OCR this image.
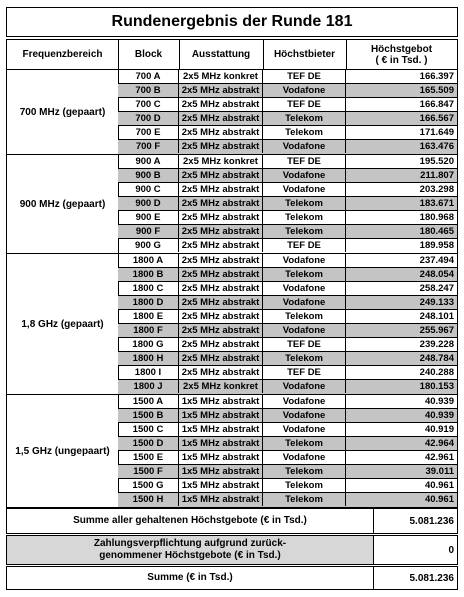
Rundenergebnis der Runde 181
Frequenzbereich	Block	Ausstattung	Höchstbieter	Höchstgebot
( € in Tsd. )
700 MHz (gepaart)
700 A	2x5 MHz konkret	TEF DE	166.397
700 B	2x5 MHz abstrakt	Vodafone	165.509
700 C	2x5 MHz abstrakt	TEF DE	166.847
700 D	2x5 MHz abstrakt	Telekom	166.567
700 E	2x5 MHz abstrakt	Telekom	171.649
700 F	2x5 MHz abstrakt	Vodafone	163.476
900 MHz (gepaart)
900 A	2x5 MHz konkret	TEF DE	195.520
900 B	2x5 MHz abstrakt	Vodafone	211.807
900 C	2x5 MHz abstrakt	Vodafone	203.298
900 D	2x5 MHz abstrakt	Telekom	183.671
900 E	2x5 MHz abstrakt	Telekom	180.968
900 F	2x5 MHz abstrakt	Telekom	180.465
900 G	2x5 MHz abstrakt	TEF DE	189.958
1,8 GHz (gepaart)
1800 A	2x5 MHz abstrakt	Vodafone	237.494
1800 B	2x5 MHz abstrakt	Telekom	248.054
1800 C	2x5 MHz abstrakt	Vodafone	258.247
1800 D	2x5 MHz abstrakt	Vodafone	249.133
1800 E	2x5 MHz abstrakt	Telekom	248.101
1800 F	2x5 MHz abstrakt	Vodafone	255.967
1800 G	2x5 MHz abstrakt	TEF DE	239.228
1800 H	2x5 MHz abstrakt	Telekom	248.784
1800 I	2x5 MHz abstrakt	TEF DE	240.288
1800 J	2x5 MHz konkret	Vodafone	180.153
1,5 GHz (ungepaart)
1500 A	1x5 MHz abstrakt	Vodafone	40.939
1500 B	1x5 MHz abstrakt	Vodafone	40.939
1500 C	1x5 MHz abstrakt	Vodafone	40.919
1500 D	1x5 MHz abstrakt	Telekom	42.964
1500 E	1x5 MHz abstrakt	Vodafone	42.961
1500 F	1x5 MHz abstrakt	Telekom	39.011
1500 G	1x5 MHz abstrakt	Telekom	40.961
1500 H	1x5 MHz abstrakt	Telekom	40.961
Summe aller gehaltenen Höchstgebote (€ in Tsd.)	5.081.236
Zahlungsverpflichtung aufgrund zurück-
genommener Höchstgebote (€ in Tsd.)	0
Summe (€ in Tsd.)	5.081.236
